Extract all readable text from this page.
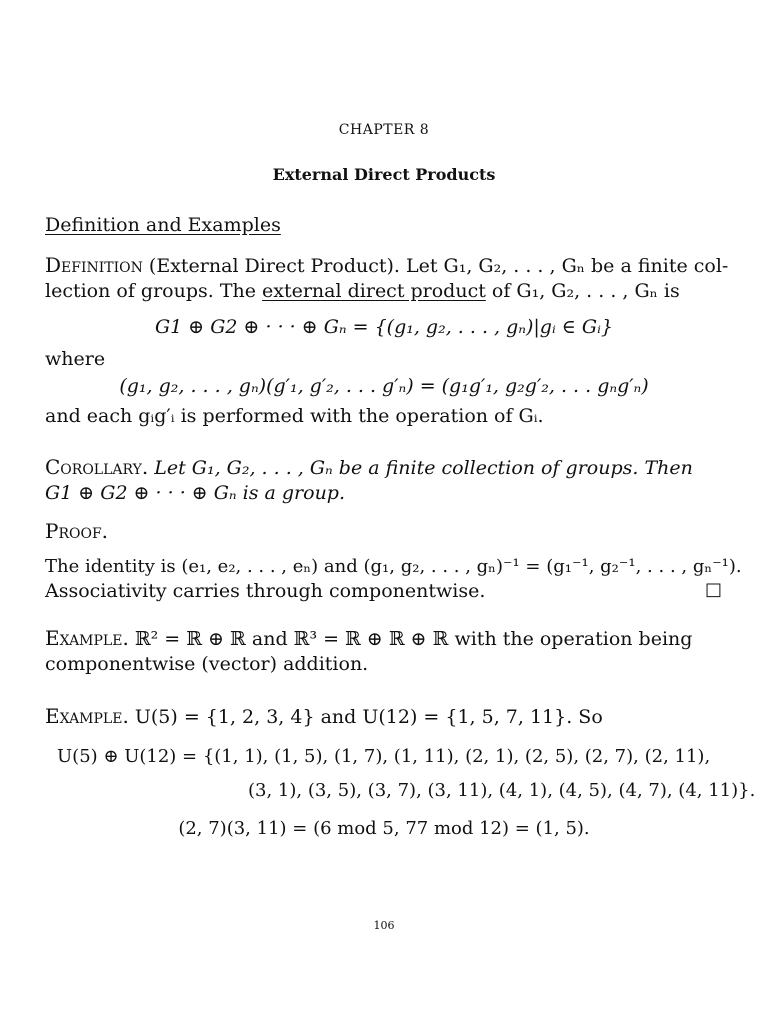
CHAPTER 8
External Direct Products
Definition and Examples
Definition (External Direct Product). Let G₁, G₂, . . . , Gₙ be a finite col-
lection of groups. The external direct product of G₁, G₂, . . . , Gₙ is
G1 ⊕ G2 ⊕ · · · ⊕ Gₙ = {(g₁, g₂, . . . , gₙ)|gᵢ ∈ Gᵢ}
where
(g₁, g₂, . . . , gₙ)(g′₁, g′₂, . . . g′ₙ) = (g₁g′₁, g₂g′₂, . . . gₙg′ₙ)
and each gᵢg′ᵢ is performed with the operation of Gᵢ.
Corollary. Let G₁, G₂, . . . , Gₙ be a finite collection of groups. Then
G1 ⊕ G2 ⊕ · · · ⊕ Gₙ is a group.
Proof.
The identity is (e₁, e₂, . . . , eₙ) and (g₁, g₂, . . . , gₙ)⁻¹ = (g₁⁻¹, g₂⁻¹, . . . , gₙ⁻¹).
Associativity carries through componentwise.	□
Example. ℝ² = ℝ ⊕ ℝ and ℝ³ = ℝ ⊕ ℝ ⊕ ℝ with the operation being
componentwise (vector) addition.
Example. U(5) = {1, 2, 3, 4} and U(12) = {1, 5, 7, 11}. So
U(5) ⊕ U(12) = {(1, 1), (1, 5), (1, 7), (1, 11), (2, 1), (2, 5), (2, 7), (2, 11),
(3, 1), (3, 5), (3, 7), (3, 11), (4, 1), (4, 5), (4, 7), (4, 11)}.
(2, 7)(3, 11) = (6 mod 5, 77 mod 12) = (1, 5).
106
